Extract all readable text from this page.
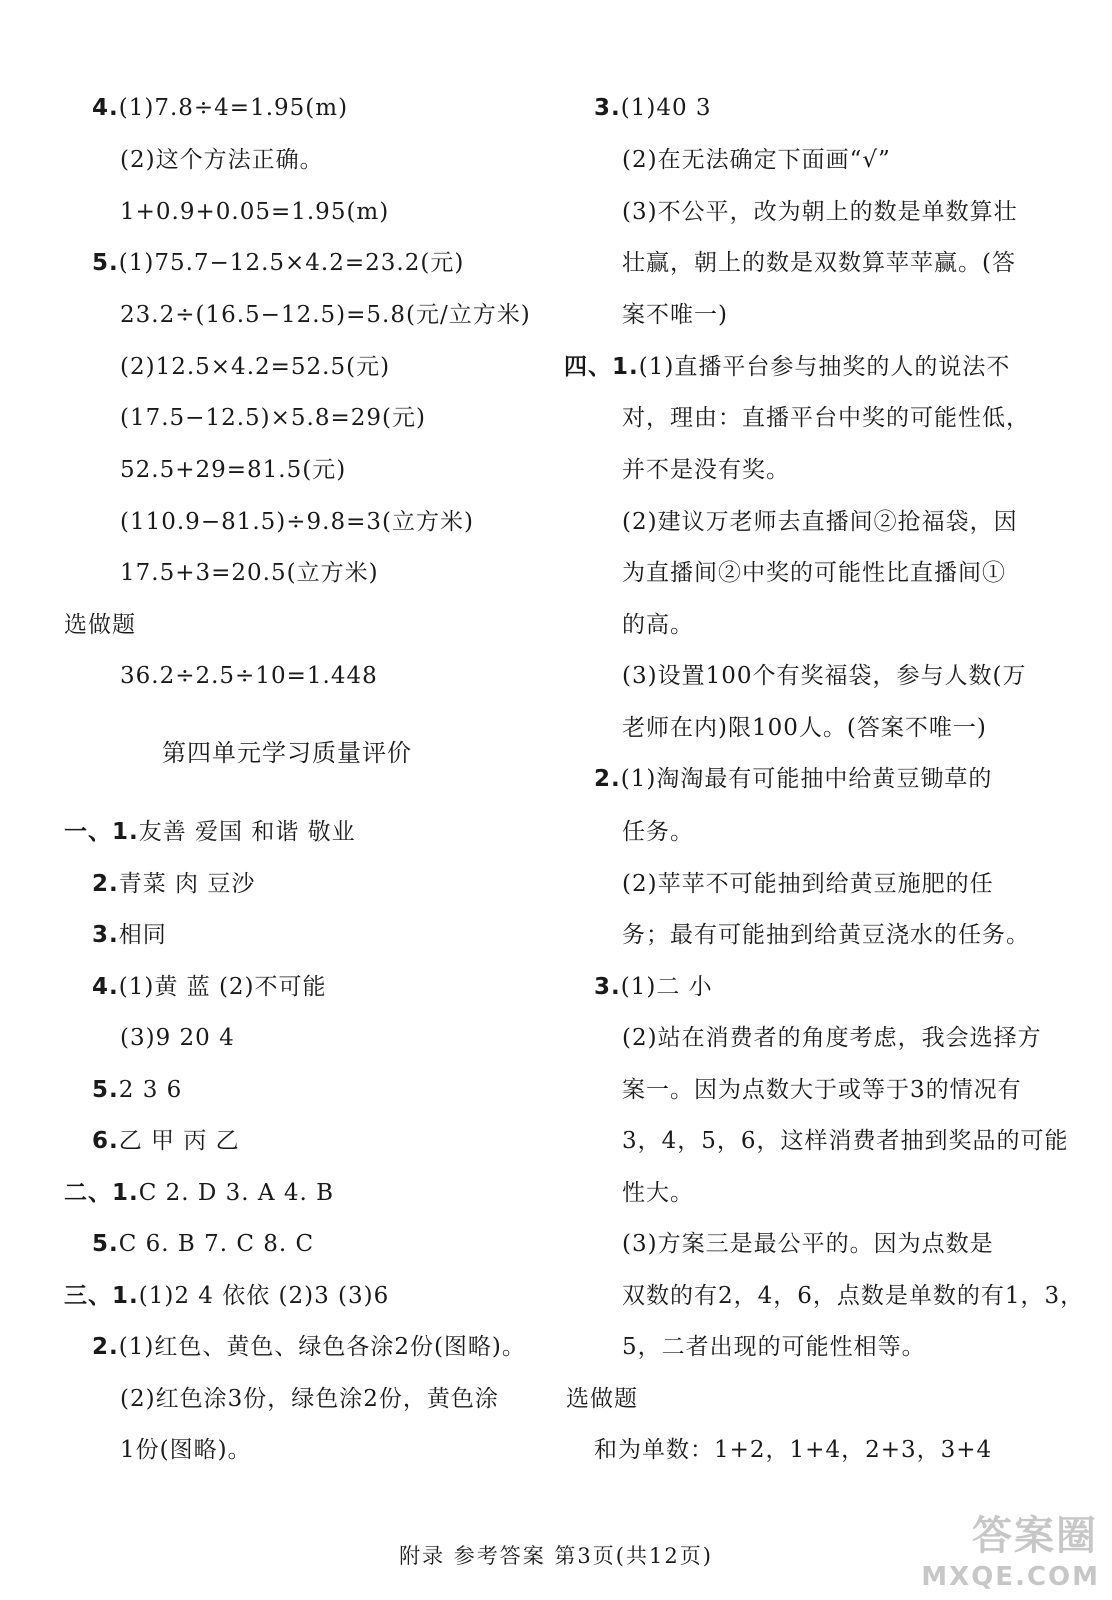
4.(1)7.8÷4=1.95(m)
(2)这个方法正确。
1+0.9+0.05=1.95(m)
5.(1)75.7−12.5×4.2=23.2(元)
23.2÷(16.5−12.5)=5.8(元/立方米)
(2)12.5×4.2=52.5(元)
(17.5−12.5)×5.8=29(元)
52.5+29=81.5(元)
(110.9−81.5)÷9.8=3(立方米)
17.5+3=20.5(立方米)
选做题
36.2÷2.5÷10=1.448
第四单元学习质量评价
一、1.友善 爱国 和谐 敬业
2.青菜 肉 豆沙
3.相同
4.(1)黄 蓝 (2)不可能
(3)9 20 4
5.2 3 6
6.乙 甲 丙 乙
二、1.C 2. D 3. A 4. B
5.C 6. B 7. C 8. C
三、1.(1)2 4 依依 (2)3 (3)6
2.(1)红色、黄色、绿色各涂2份(图略)。
(2)红色涂3份，绿色涂2份，黄色涂
1份(图略)。
3.(1)40 3
(2)在无法确定下面画“√”
(3)不公平，改为朝上的数是单数算壮
壮赢，朝上的数是双数算苹苹赢。(答
案不唯一)
四、1.(1)直播平台参与抽奖的人的说法不
对，理由：直播平台中奖的可能性低，
并不是没有奖。
(2)建议万老师去直播间②抢福袋，因
为直播间②中奖的可能性比直播间①
的高。
(3)设置100个有奖福袋，参与人数(万
老师在内)限100人。(答案不唯一)
2.(1)淘淘最有可能抽中给黄豆锄草的
任务。
(2)苹苹不可能抽到给黄豆施肥的任
务；最有可能抽到给黄豆浇水的任务。
3.(1)二 小
(2)站在消费者的角度考虑，我会选择方
案一。因为点数大于或等于3的情况有
3，4，5，6，这样消费者抽到奖品的可能
性大。
(3)方案三是最公平的。因为点数是
双数的有2，4，6，点数是单数的有1，3，
5，二者出现的可能性相等。
选做题
和为单数：1+2，1+4，2+3，3+4
附录 参考答案 第3页(共12页)	答案圈
MXQE.COM
